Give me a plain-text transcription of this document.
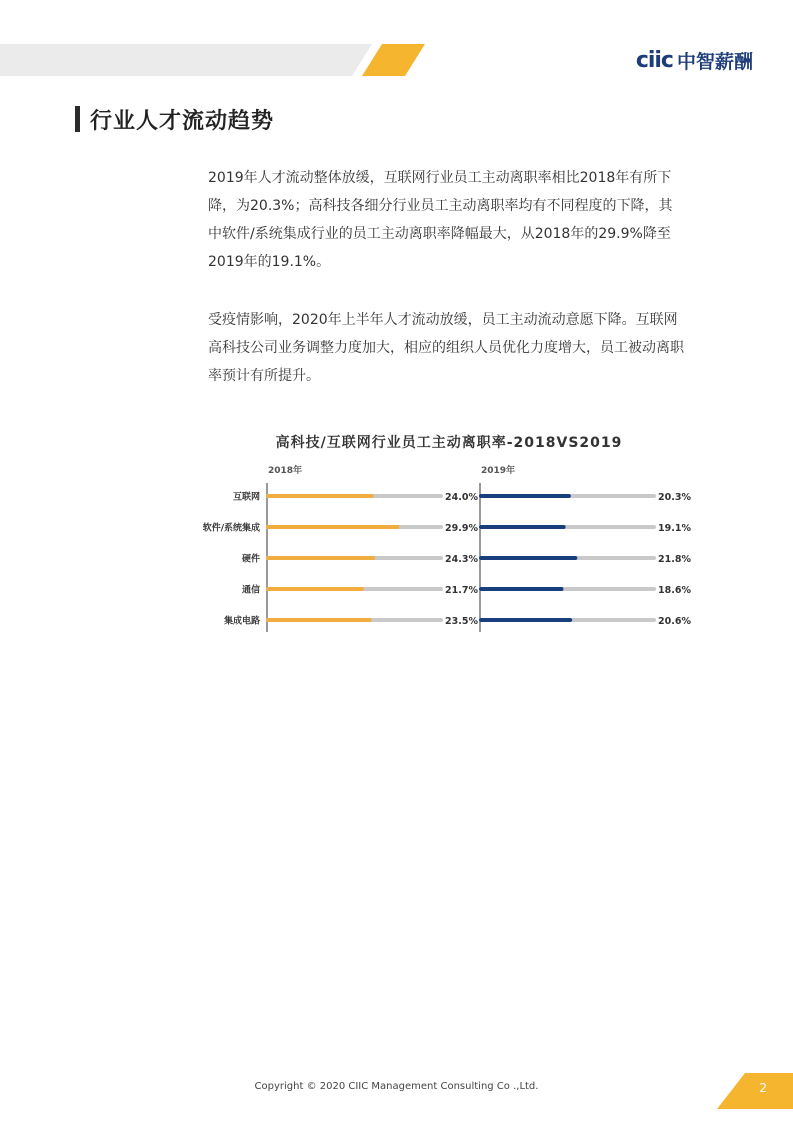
ciic 中智薪酬
行业人才流动趋势

2019年人才流动整体放缓，互联网行业员工主动离职率相比2018年有所下降，为20.3%；高科技各细分行业员工主动离职率均有不同程度的下降，其中软件/系统集成行业的员工主动离职率降幅最大，从2018年的29.9%降至2019年的19.1%。

受疫情影响，2020年上半年人才流动放缓，员工主动流动意愿下降。互联网高科技公司业务调整力度加大，相应的组织人员优化力度增大，员工被动离职率预计有所提升。

高科技/互联网行业员工主动离职率-2018VS2019
2018年
24.0%
29.9%
24.3%
21.7%
23.5%
2019年
20.3%
19.1%
21.8%
18.6%
20.6%
互联网
软件/系统集成
硬件
通信
集成电路
Copyright © 2020 CIIC Management Consulting Co .,Ltd.	2
